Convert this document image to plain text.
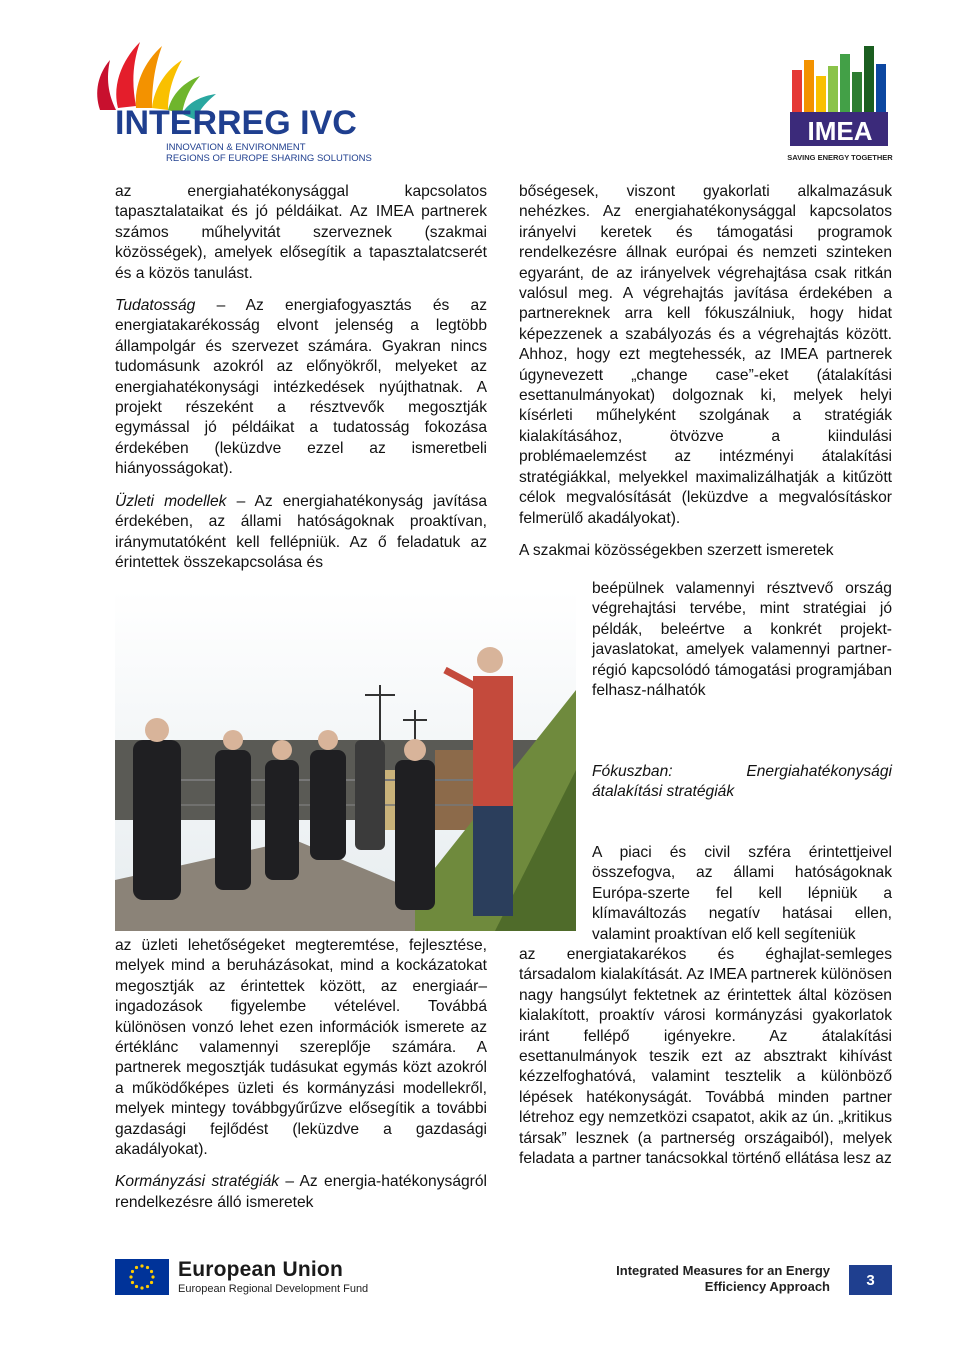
INTERREG IVC
INNOVATION & ENVIRONMENT
REGIONS OF EUROPE SHARING SOLUTIONS
IMEA
SAVING ENERGY TOGETHER

az energiahatékonysággal kapcsolatos tapasztalataikat és jó példáikat. Az IMEA partnerek számos műhelyvitát szerveznek (szakmai közösségek), amelyek elősegítik a tapasztalatcserét és a közös tanulást.

Tudatosság – Az energiafogyasztás és az energiatakarékosság elvont jelenség a legtöbb állampolgár és szervezet számára. Gyakran nincs tudomásunk azokról az előnyökről, melyeket az energiahatékonysági intézkedések nyújthatnak. A projekt részeként a résztvevők megosztják egymással jó példáikat a tudatosság fokozása érdekében (leküzdve ezzel az ismeretbeli hiányosságokat).

Üzleti modellek – Az energiahatékonyság javítása érdekében, az állami hatóságoknak proaktívan, iránymutatóként kell fellépniük. Az ő feladatuk az érintettek összekapcsolása és

az üzleti lehetőségeket megteremtése, fejlesztése, melyek mind a beruházásokat, mind a kockázatokat megosztják az érintettek között, az energiaár–ingadozások figyelembe vételével. Továbbá különösen vonzó lehet ezen információk ismerete az értéklánc valamennyi szereplője számára. A partnerek megosztják tudásukat egymás közt azokról a működőképes üzleti és kormányzási modellekről, melyek mintegy továbbgyűrűzve elősegítik a további gazdasági fejlődést (leküzdve a gazdasági akadályokat).

Kormányzási stratégiák – Az energia-hatékonyságról rendelkezésre álló ismeretek

bőségesek, viszont gyakorlati alkalmazásuk nehézkes. Az energiahatékonysággal kapcsolatos irányelvi keretek és támogatási programok rendelkezésre állnak európai és nemzeti szinteken egyaránt, de az irányelvek végrehajtása csak ritkán valósul meg. A végrehajtás javítása érdekében a partnereknek arra kell fókuszálniuk, hogy hidat képezzenek a szabályozás és a végrehajtás között. Ahhoz, hogy ezt megtehessék, az IMEA partnerek úgynevezett „change case”-eket (átalakítási esettanulmányokat) dolgoznak ki, melyek helyi kísérleti műhelyként szolgának a stratégiák kialakításához, ötvözve a kiindulási problémaelemzést az intézményi átalakítási stratégiákkal, melyekkel maximalizálhatják a kitűzött célok megvalósítását (leküzdve a megvalósításkor felmerülő akadályokat).

A szakmai közösségekben szerzett ismeretek

beépülnek valamennyi résztvevő ország végrehajtási tervébe, mint stratégiai jó példák, beleértve a konkrét projekt-javaslatokat, amelyek valamennyi partner-régió kapcsolódó támogatási programjában felhasz-nálhatók

Fókuszban: Energiahatékonysági átalakítási stratégiák

A piaci és civil szféra érintettjeivel összefogva, az állami hatóságoknak Európa-szerte fel kell lépniük a klímaváltozás negatív hatásai ellen, valamint proaktívan elő kell segíteniük

az energiatakarékos és éghajlat-semleges társadalom kialakítását. Az IMEA partnerek különösen nagy hangsúlyt fektetnek az érintettek által közösen kialakított, proaktív városi kormányzási gyakorlatok iránt fellépő igényekre. Az átalakítási esettanulmányok teszik ezt az absztrakt kihívást kézzelfoghatóvá, valamint tesztelik a különböző lépések hatékonyságát. Továbbá minden partner létrehoz egy nemzetközi csapatot, akik az ún. „kritikus társak” lesznek (a partnerség országaiból), melyek feladata a partner tanácsokkal történő ellátása lesz az

European Union
European Regional Development Fund
Integrated Measures for an Energy
Efficiency Approach	3
